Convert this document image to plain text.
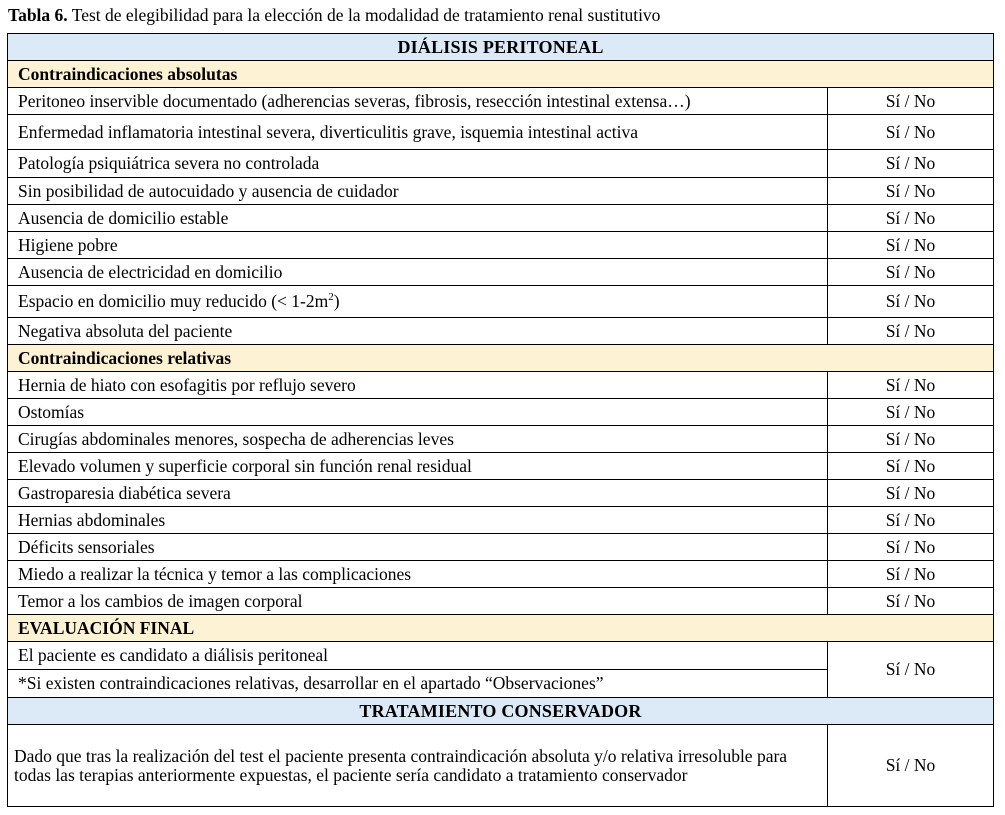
Tabla 6. Test de elegibilidad para la elección de la modalidad de tratamiento renal sustitutivo
DIÁLISIS PERITONEAL	
Contraindicaciones absolutas	
Peritoneo inservible documentado (adherencias severas, fibrosis, resección intestinal extensa…)	Sí / No
Enfermedad inflamatoria intestinal severa, diverticulitis grave, isquemia intestinal activa	Sí / No
Patología psiquiátrica severa no controlada	Sí / No
Sin posibilidad de autocuidado y ausencia de cuidador	Sí / No
Ausencia de domicilio estable	Sí / No
Higiene pobre	Sí / No
Ausencia de electricidad en domicilio	Sí / No
Espacio en domicilio muy reducido (< $1-2m^2$)	Sí / No
Negativa absoluta del paciente	Sí / No
Contraindicaciones relativas	
Hernia de hiato con esofagitis por reflujo severo	Sí / No
Ostomías	Sí / No
Cirugías abdominales menores, sospecha de adherencias leves	Sí / No
Elevado volumen y superficie corporal sin función renal residual	Sí / No
Gastroparesia diabética severa	Sí / No
Hernias abdominales	Sí / No
Déficits sensoriales	Sí / No
Miedo a realizar la técnica y temor a las complicaciones	Sí / No
Temor a los cambios de imagen corporal	Sí / No
EVALUACIÓN FINAL	
El paciente es candidato a diálisis peritoneal	Sí / No
*Si existen contraindicaciones relativas, desarrollar en el apartado “Observaciones”	
TRATAMIENTO CONSERVADOR	
Dado que tras la realización del test el paciente presenta contraindicación absoluta y/o relativa irresoluble para todas las terapias anteriormente expuestas, el paciente sería candidato a tratamiento conservador	Sí / No
